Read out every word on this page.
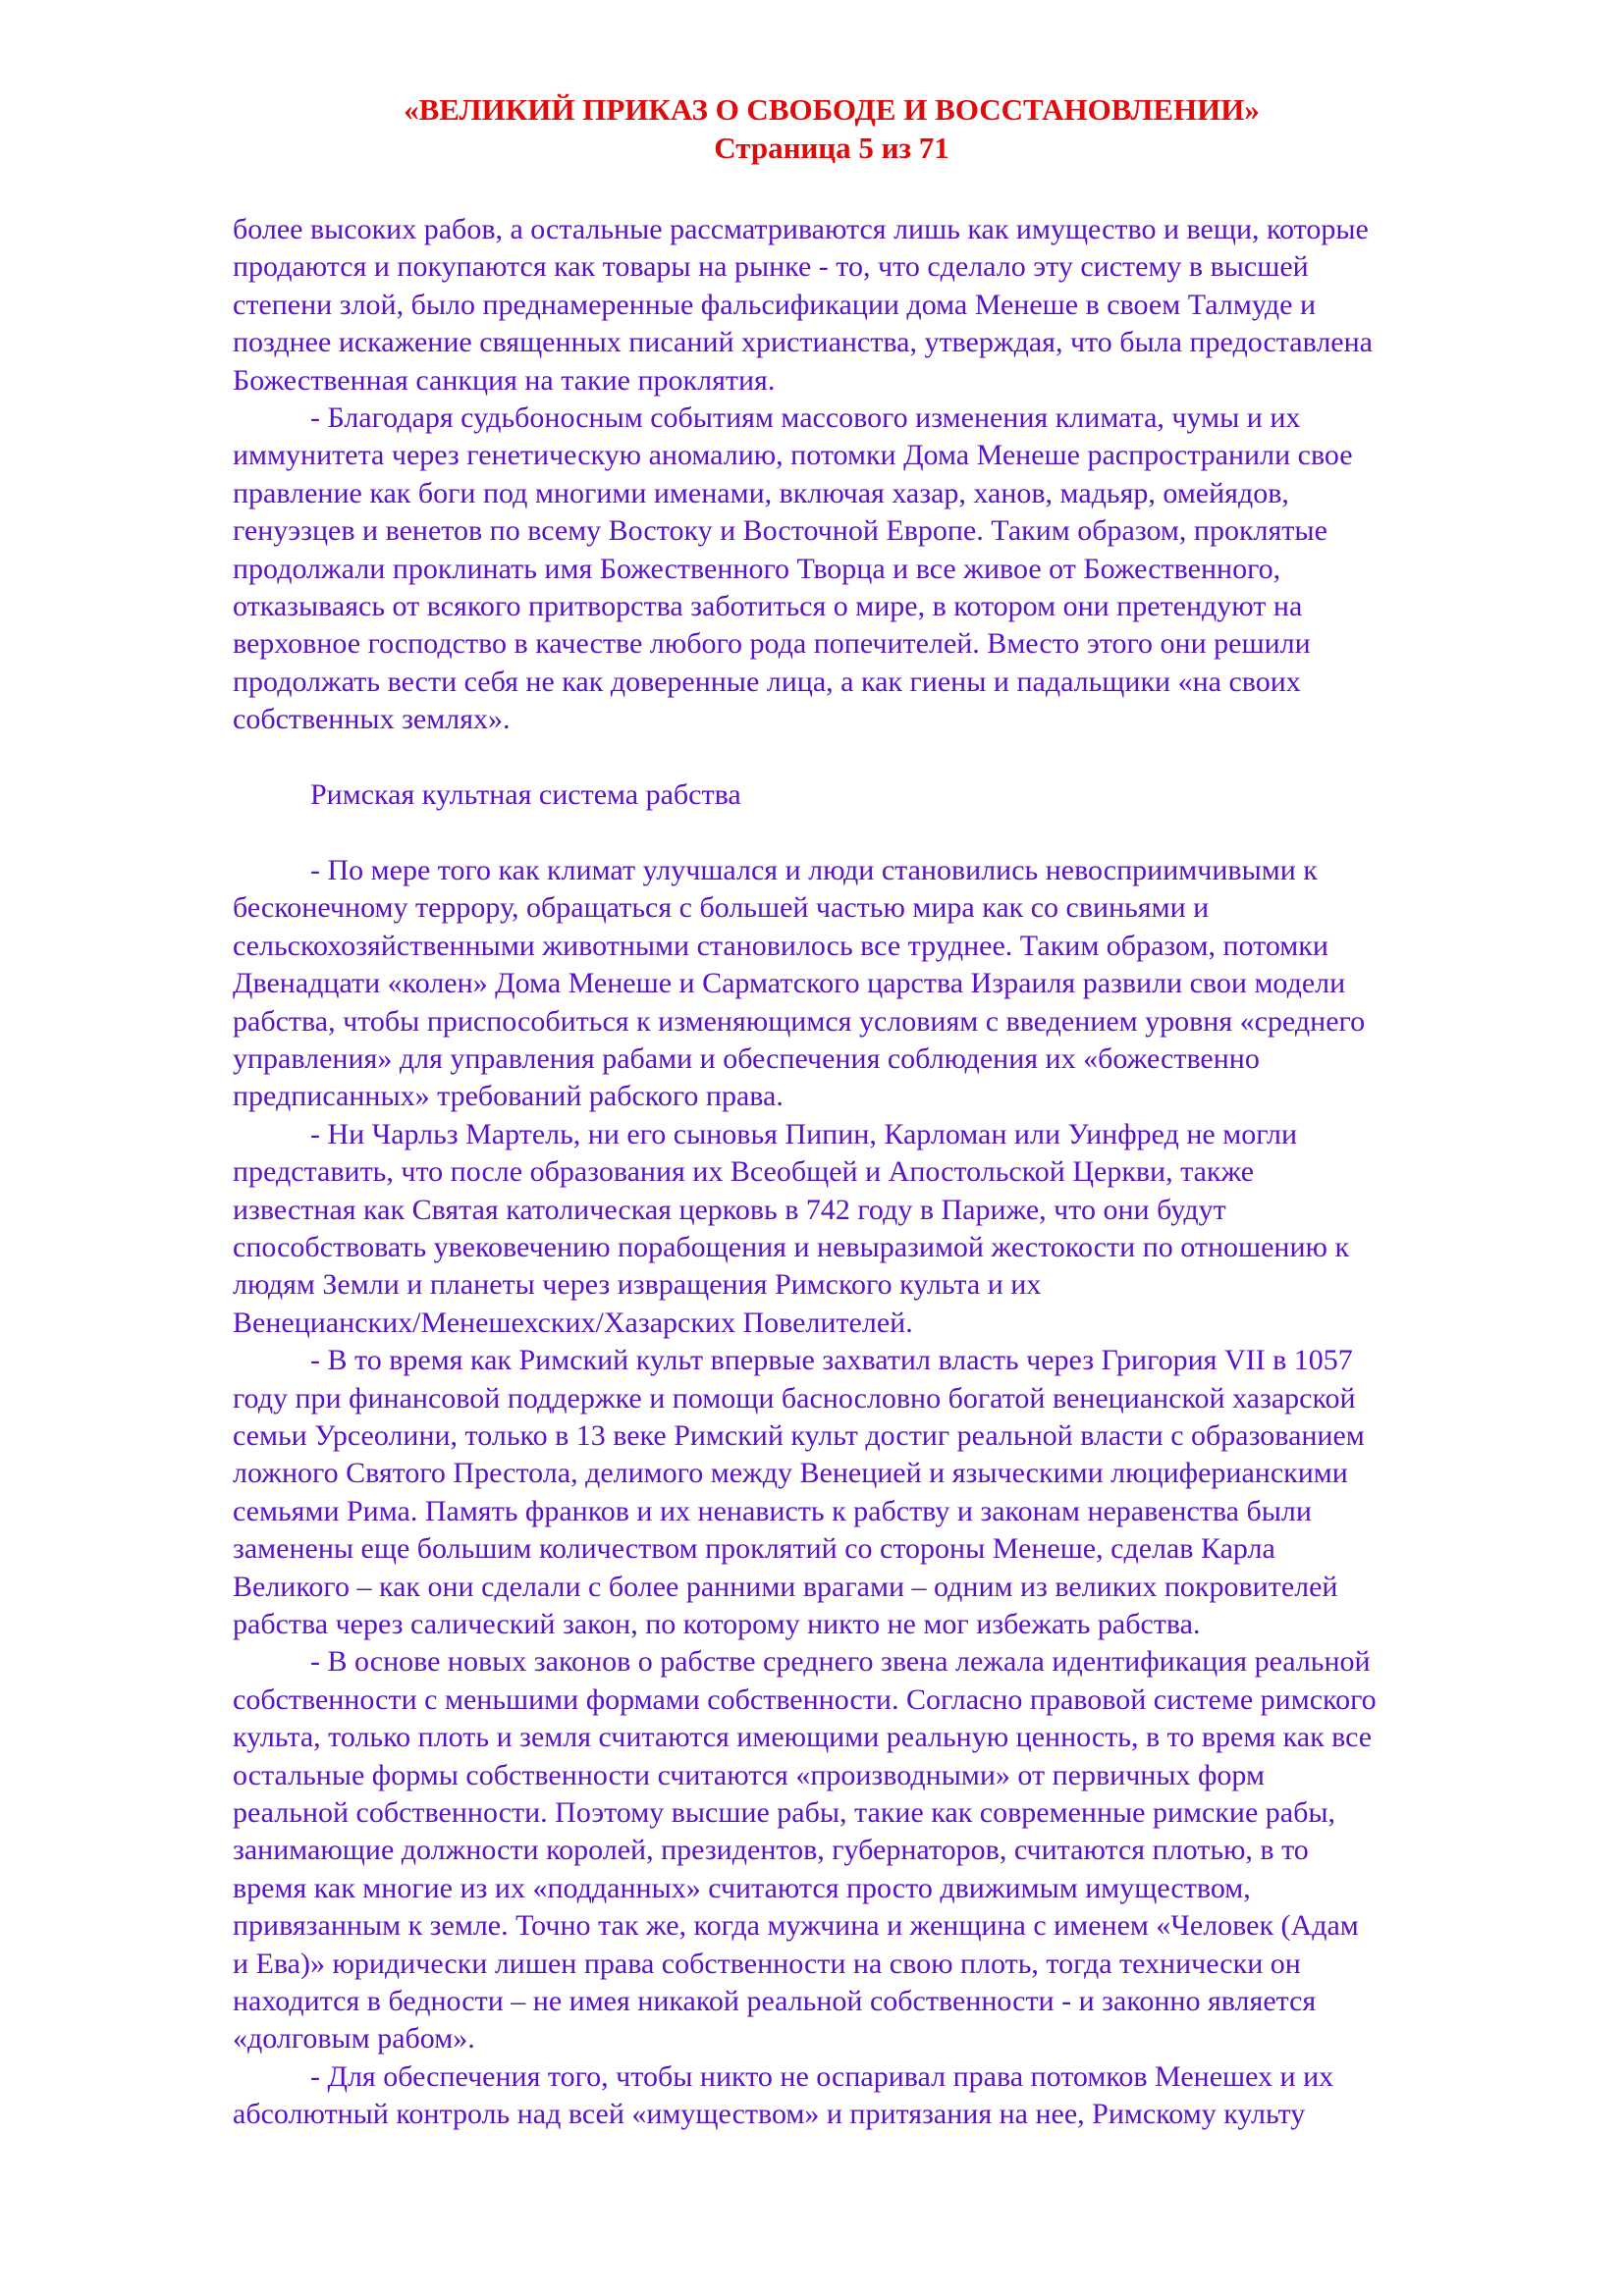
«ВЕЛИКИЙ ПРИКАЗ О СВОБОДЕ И ВОССТАНОВЛЕНИИ»
Страница 5 из 71
более высоких рабов, а остальные рассматриваются лишь как имущество и вещи, которые
продаются и покупаются как товары на рынке - то, что сделало эту систему в высшей
степени злой, было преднамеренные фальсификации дома Менеше в своем Талмуде и
позднее искажение священных писаний христианства, утверждая, что была предоставлена
Божественная санкция на такие проклятия.
- Благодаря судьбоносным событиям массового изменения климата, чумы и их
иммунитета через генетическую аномалию, потомки Дома Менеше распространили свое
правление как боги под многими именами, включая хазар, ханов, мадьяр, омейядов,
генуэзцев и венетов по всему Востоку и Восточной Европе. Таким образом, проклятые
продолжали проклинать имя Божественного Творца и все живое от Божественного,
отказываясь от всякого притворства заботиться о мире, в котором они претендуют на
верховное господство в качестве любого рода попечителей. Вместо этого они решили
продолжать вести себя не как доверенные лица, а как гиены и падальщики «на своих
собственных землях».
Римская культная система рабства
- По мере того как климат улучшался и люди становились невосприимчивыми к
бесконечному террору, обращаться с большей частью мира как со свиньями и
сельскохозяйственными животными становилось все труднее. Таким образом, потомки
Двенадцати «колен» Дома Менеше и Сарматского царства Израиля развили свои модели
рабства, чтобы приспособиться к изменяющимся условиям с введением уровня «среднего
управления» для управления рабами и обеспечения соблюдения их «божественно
предписанных» требований рабского права.
- Ни Чарльз Мартель, ни его сыновья Пипин, Карломан или Уинфред не могли
представить, что после образования их Всеобщей и Апостольской Церкви, также
известная как Святая католическая церковь в 742 году в Париже, что они будут
способствовать увековечению порабощения и невыразимой жестокости по отношению к
людям Земли и планеты через извращения Римского культа и их
Венецианских/Менешехских/Хазарских Повелителей.
- В то время как Римский культ впервые захватил власть через Григория VII в 1057
году при финансовой поддержке и помощи баснословно богатой венецианской хазарской
семьи Урсеолини, только в 13 веке Римский культ достиг реальной власти с образованием
ложного Святого Престола, делимого между Венецией и языческими люциферианскими
семьями Рима. Память франков и их ненависть к рабству и законам неравенства были
заменены еще большим количеством проклятий со стороны Менеше, сделав Карла
Великого – как они сделали с более ранними врагами – одним из великих покровителей
рабства через салический закон, по которому никто не мог избежать рабства.
- В основе новых законов о рабстве среднего звена лежала идентификация реальной
собственности с меньшими формами собственности. Согласно правовой системе римского
культа, только плоть и земля считаются имеющими реальную ценность, в то время как все
остальные формы собственности считаются «производными» от первичных форм
реальной собственности. Поэтому высшие рабы, такие как современные римские рабы,
занимающие должности королей, президентов, губернаторов, считаются плотью, в то
время как многие из их «подданных» считаются просто движимым имуществом,
привязанным к земле. Точно так же, когда мужчина и женщина с именем «Человек (Адам
и Ева)» юридически лишен права собственности на свою плоть, тогда технически он
находится в бедности – не имея никакой реальной собственности - и законно является
«долговым рабом».
- Для обеспечения того, чтобы никто не оспаривал права потомков Менешех и их
абсолютный контроль над всей «имуществом» и притязания на нее, Римскому культу
